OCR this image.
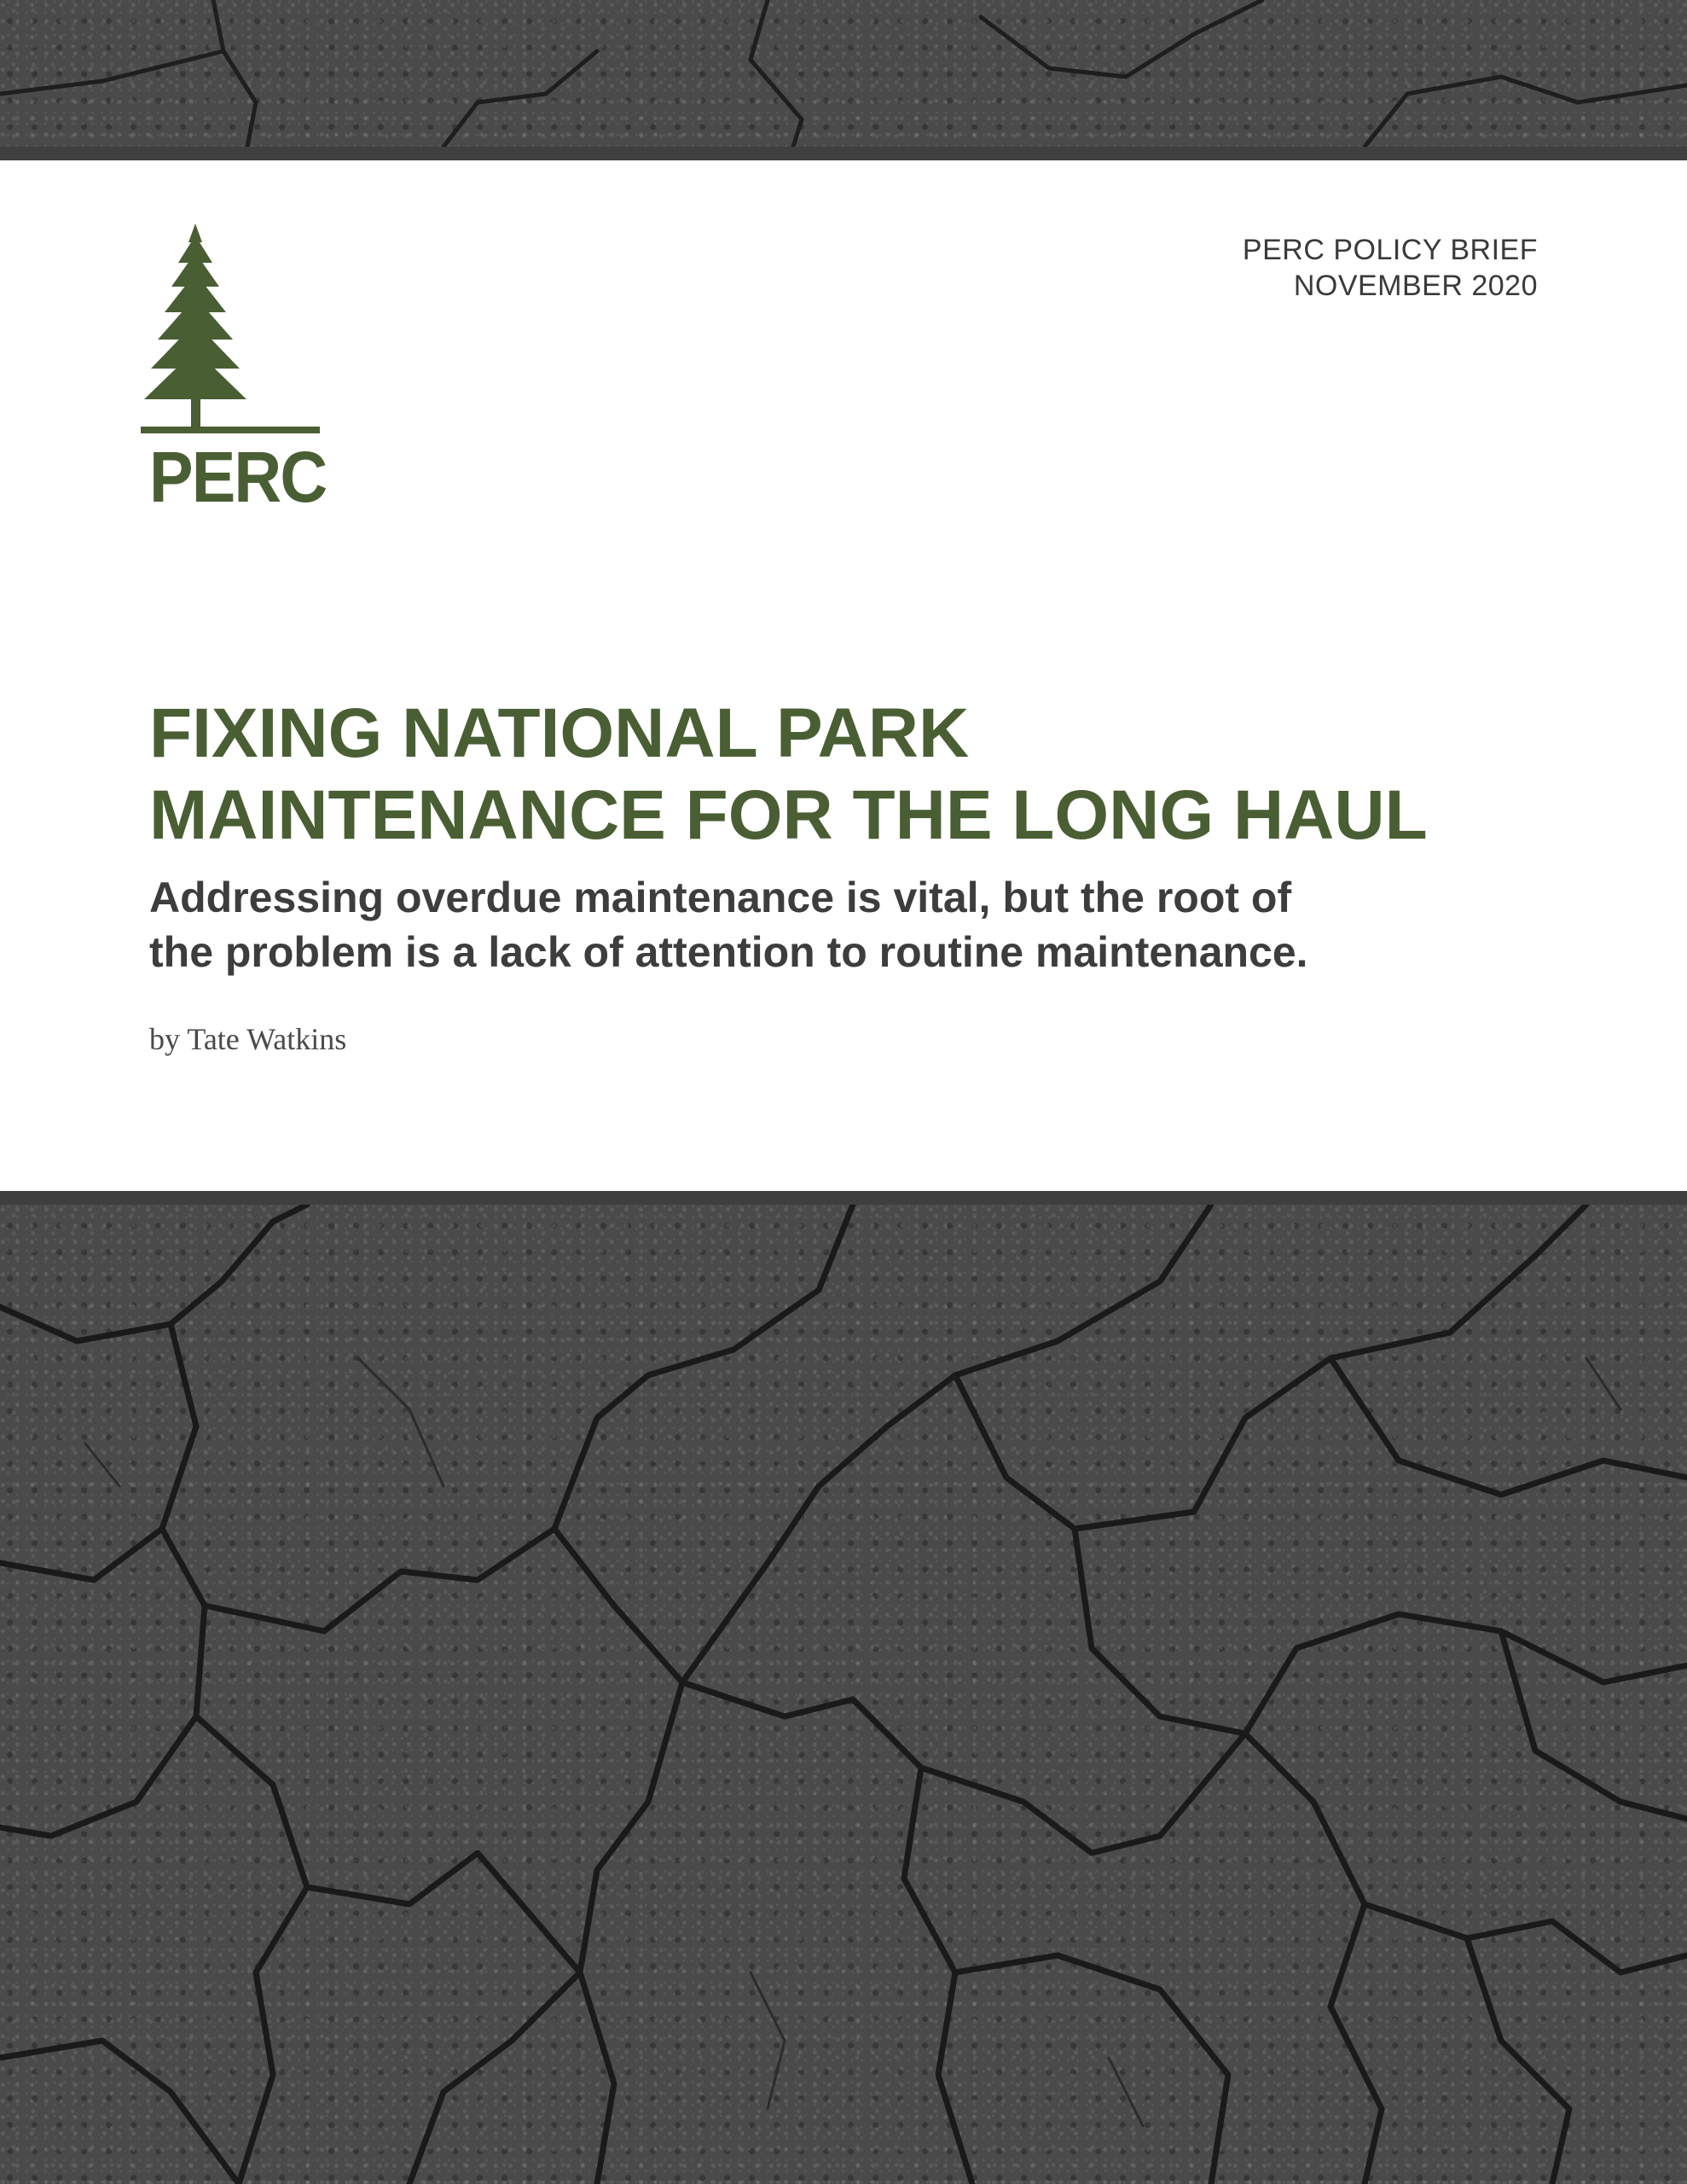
PERC
PERC POLICY BRIEF
NOVEMBER 2020
FIXING NATIONAL PARK
MAINTENANCE FOR THE LONG HAUL
Addressing overdue maintenance is vital, but the root of
the problem is a lack of attention to routine maintenance.
by Tate Watkins
